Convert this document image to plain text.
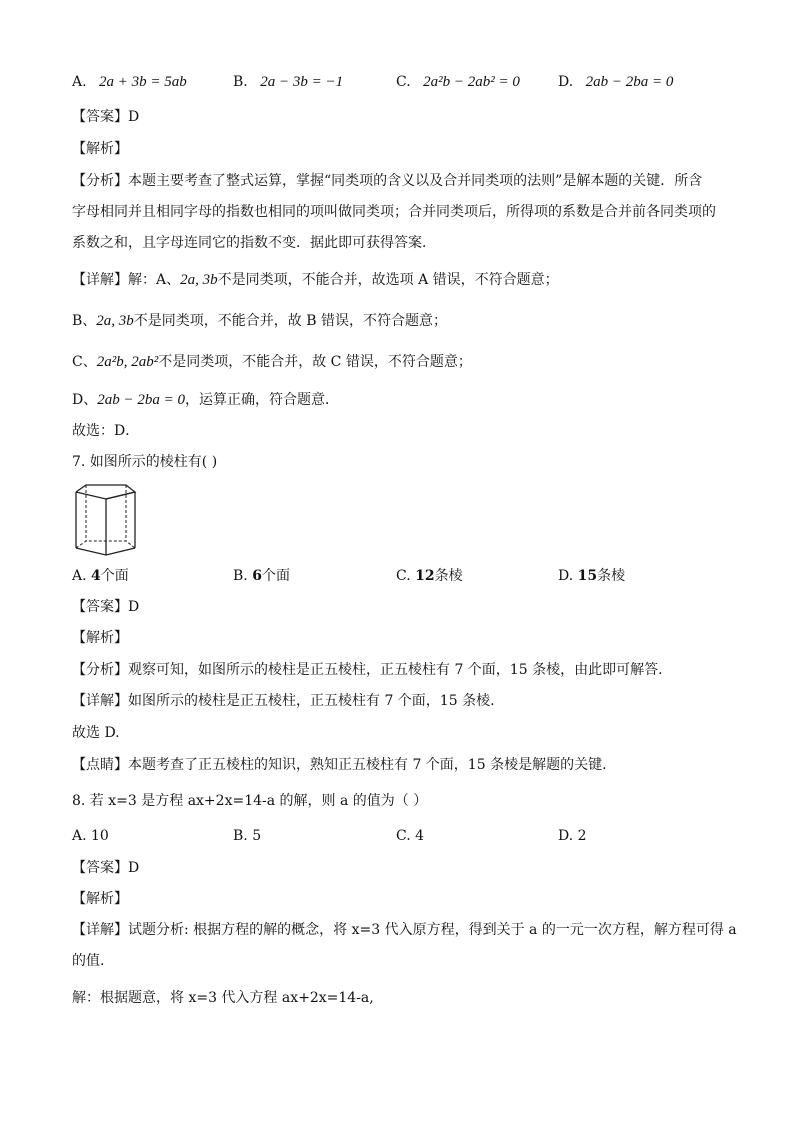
A. 2a + 3b = 5ab	B. 2a − 3b = −1	C. 2a²b − 2ab² = 0	D. 2ab − 2ba = 0
【答案】D
【解析】
【分析】本题主要考查了整式运算，掌握“同类项的含义以及合并同类项的法则”是解本题的关键．所含
字母相同并且相同字母的指数也相同的项叫做同类项；合并同类项后，所得项的系数是合并前各同类项的
系数之和，且字母连同它的指数不变．据此即可获得答案．
【详解】解：A、2a, 3b不是同类项，不能合并，故选项 A 错误，不符合题意；
B、2a, 3b不是同类项，不能合并，故 B 错误，不符合题意；
C、2a²b, 2ab²不是同类项，不能合并，故 C 错误，不符合题意；
D、2ab − 2ba = 0，运算正确，符合题意．
故选：D．
7. 如图所示的棱柱有( )
A. 4个面	B. 6个面	C. 12条棱	D. 15条棱
【答案】D
【解析】
【分析】观察可知，如图所示的棱柱是正五棱柱，正五棱柱有 7 个面，15 条棱，由此即可解答.
【详解】如图所示的棱柱是正五棱柱，正五棱柱有 7 个面，15 条棱.
故选 D.
【点睛】本题考查了正五棱柱的知识，熟知正五棱柱有 7 个面，15 条棱是解题的关键.
8. 若 x=3 是方程 ax+2x=14-a 的解，则 a 的值为（ ）
A. 10	B. 5	C. 4	D. 2
【答案】D
【解析】
【详解】试题分析: 根据方程的解的概念，将 x=3 代入原方程，得到关于 a 的一元一次方程，解方程可得 a
的值.
解：根据题意，将 x=3 代入方程 ax+2x=14-a,
